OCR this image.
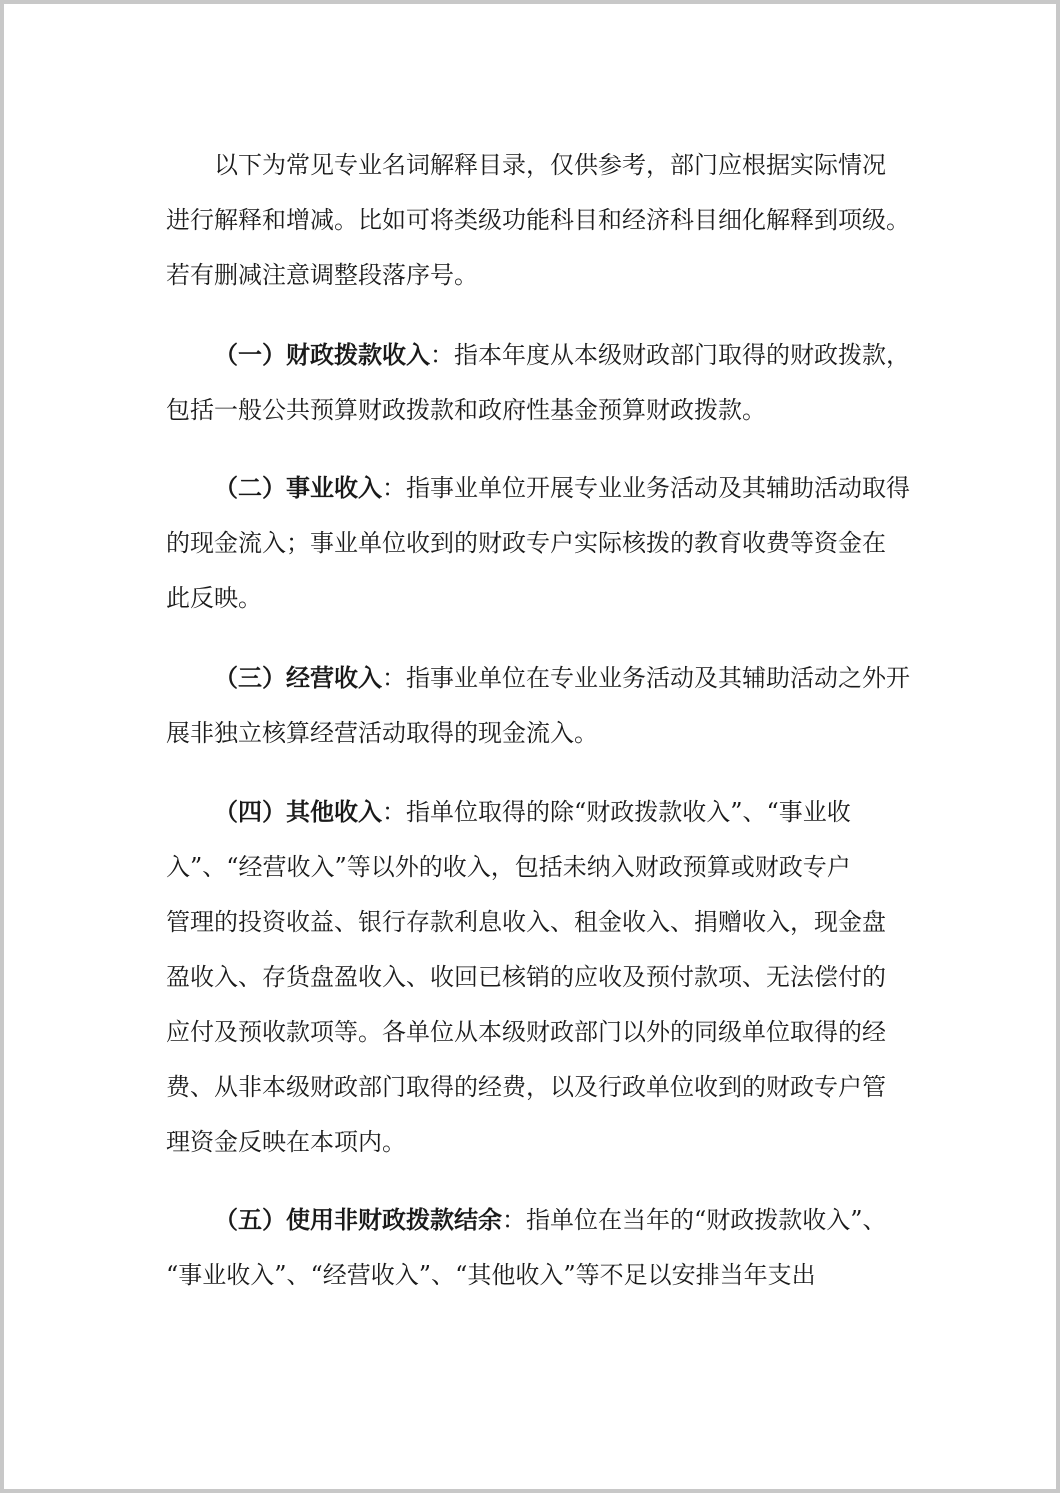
以下为常见专业名词解释目录，仅供参考，部门应根据实际情况
进行解释和增减。比如可将类级功能科目和经济科目细化解释到项级。
若有删减注意调整段落序号。
（一）财政拨款收入：指本年度从本级财政部门取得的财政拨款，
包括一般公共预算财政拨款和政府性基金预算财政拨款。
（二）事业收入：指事业单位开展专业业务活动及其辅助活动取得
的现金流入；事业单位收到的财政专户实际核拨的教育收费等资金在
此反映。
（三）经营收入：指事业单位在专业业务活动及其辅助活动之外开
展非独立核算经营活动取得的现金流入。
（四）其他收入：指单位取得的除“财政拨款收入”、“事业收
入”、“经营收入”等以外的收入，包括未纳入财政预算或财政专户
管理的投资收益、银行存款利息收入、租金收入、捐赠收入，现金盘
盈收入、存货盘盈收入、收回已核销的应收及预付款项、无法偿付的
应付及预收款项等。各单位从本级财政部门以外的同级单位取得的经
费、从非本级财政部门取得的经费，以及行政单位收到的财政专户管
理资金反映在本项内。
（五）使用非财政拨款结余：指单位在当年的“财政拨款收入”、
“事业收入”、“经营收入”、“其他收入”等不足以安排当年支出
